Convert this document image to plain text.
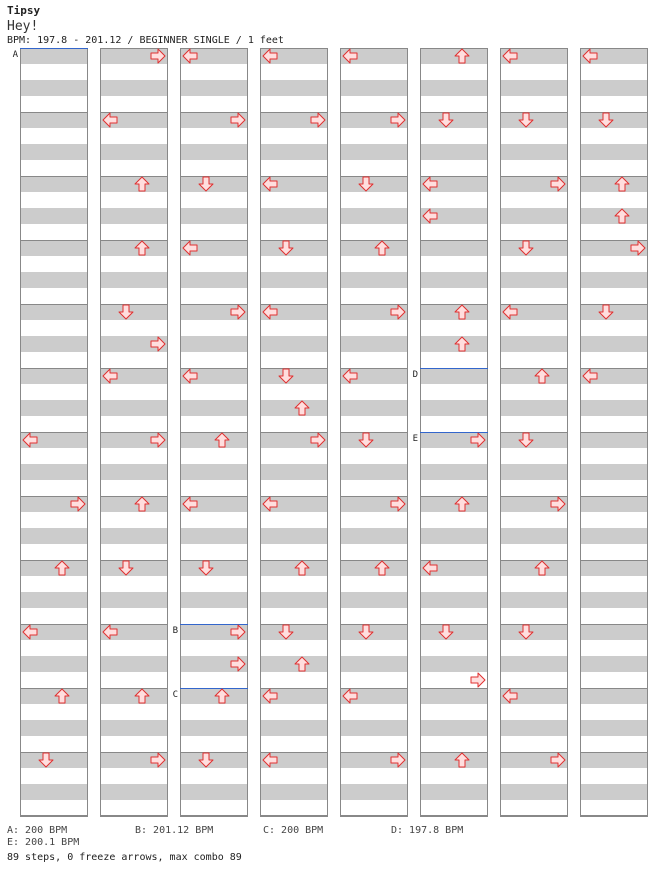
Tipsy
Hey!
BPM: 197.8 - 201.12 / BEGINNER SINGLE / 1 feet
A
B
C
D
E
A: 200 BPM	B: 201.12 BPM	C: 200 BPM	D: 197.8 BPM
E: 200.1 BPM
89 steps, 0 freeze arrows, max combo 89
